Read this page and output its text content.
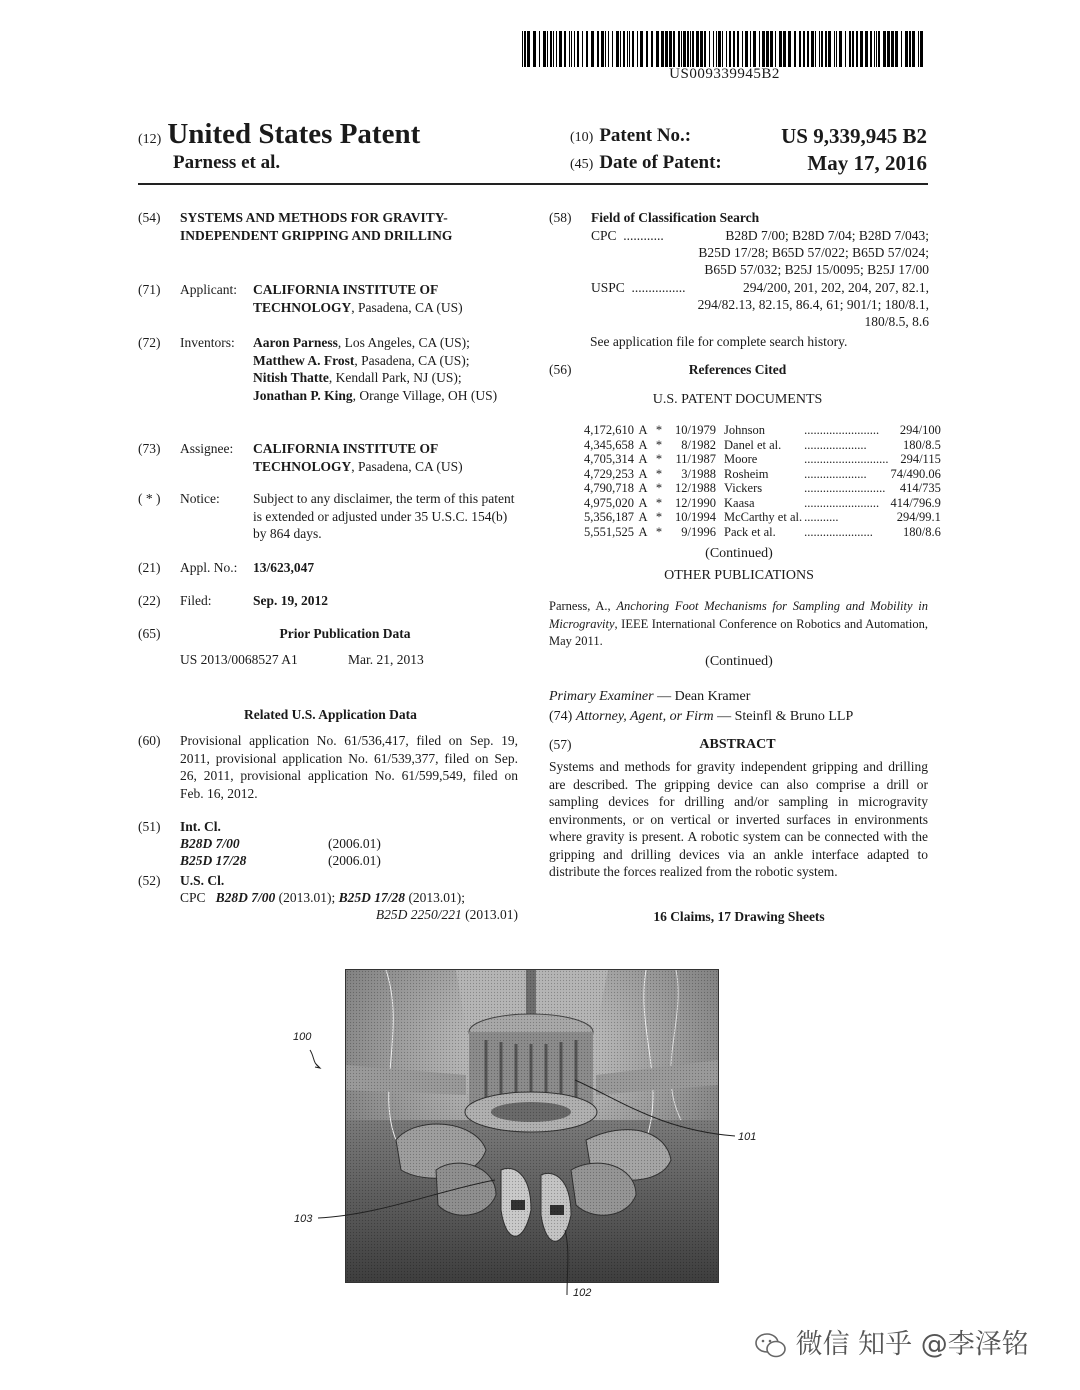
US009339945B2
(12) United States Patent
Parness et al.
(10) Patent No.:	US 9,339,945 B2
(45) Date of Patent:	May 17, 2016
(54)	SYSTEMS AND METHODS FOR GRAVITY-INDEPENDENT GRIPPING AND DRILLING
(71)	Applicant: CALIFORNIA INSTITUTE OF TECHNOLOGY, Pasadena, CA (US)
(72)	Inventors: Aaron Parness, Los Angeles, CA (US);
Matthew A. Frost, Pasadena, CA (US);
Nitish Thatte, Kendall Park, NJ (US);
Jonathan P. King, Orange Village, OH (US)
(73)	Assignee: CALIFORNIA INSTITUTE OF TECHNOLOGY, Pasadena, CA (US)
( * )	Notice: Subject to any disclaimer, the term of this patent is extended or adjusted under 35 U.S.C. 154(b) by 864 days.
(21)	Appl. No.: 13/623,047
(22)	Filed:	Sep. 19, 2012
(65)	Prior Publication Data
US 2013/0068527 A1	Mar. 21, 2013
Related U.S. Application Data
(60)	Provisional application No. 61/536,417, filed on Sep. 19, 2011, provisional application No. 61/539,377, filed on Sep. 26, 2011, provisional application No. 61/599,549, filed on Feb. 16, 2012.
(51)	Int. Cl.
B28D 7/00	(2006.01)
B25D 17/28	(2006.01)
(52)	U.S. Cl.
CPC B28D 7/00 (2013.01); B25D 17/28 (2013.01);
B25D 2250/221 (2013.01)
(58)	Field of Classification Search
CPC ............	B28D 7/00; B28D 7/04; B28D 7/043;
B25D 17/28; B65D 57/022; B65D 57/024;
B65D 57/032; B25J 15/0095; B25J 17/00
USPC ................	294/200, 201, 202, 204, 207, 82.1,
294/82.13, 82.15, 86.4, 61; 901/1; 180/8.1,
180/8.5, 8.6
See application file for complete search history.
(56)	References Cited
U.S. PATENT DOCUMENTS
4,172,610	A	*	10/1979	Johnson	........................	294/100
4,345,658	A	*	8/1982	Danel et al.	....................	180/8.5
4,705,314	A	*	11/1987	Moore	...........................	294/115
4,729,253	A	*	3/1988	Rosheim	....................	74/490.06
4,790,718	A	*	12/1988	Vickers	..........................	414/735
4,975,020	A	*	12/1990	Kaasa	........................	414/796.9
5,356,187	A	*	10/1994	McCarthy et al.	...........	294/99.1
5,551,525	A	*	9/1996	Pack et al.	......................	180/8.6
(Continued)
OTHER PUBLICATIONS
Parness, A., Anchoring Foot Mechanisms for Sampling and Mobility in Microgravity, IEEE International Conference on Robotics and Automation, May 2011.
(Continued)
Primary Examiner — Dean Kramer
(74) Attorney, Agent, or Firm — Steinfl & Bruno LLP
(57)	ABSTRACT
Systems and methods for gravity independent gripping and drilling are described. The gripping device can also comprise a drill or sampling devices for drilling and/or sampling in microgravity environments, or on vertical or inverted surfaces in environments where gravity is present. A robotic system can be connected with the gripping and drilling devices via an ankle interface adapted to distribute the forces realized from the robotic system.
16 Claims, 17 Drawing Sheets
100
101
103
102
微信 知乎 @李泽铭
